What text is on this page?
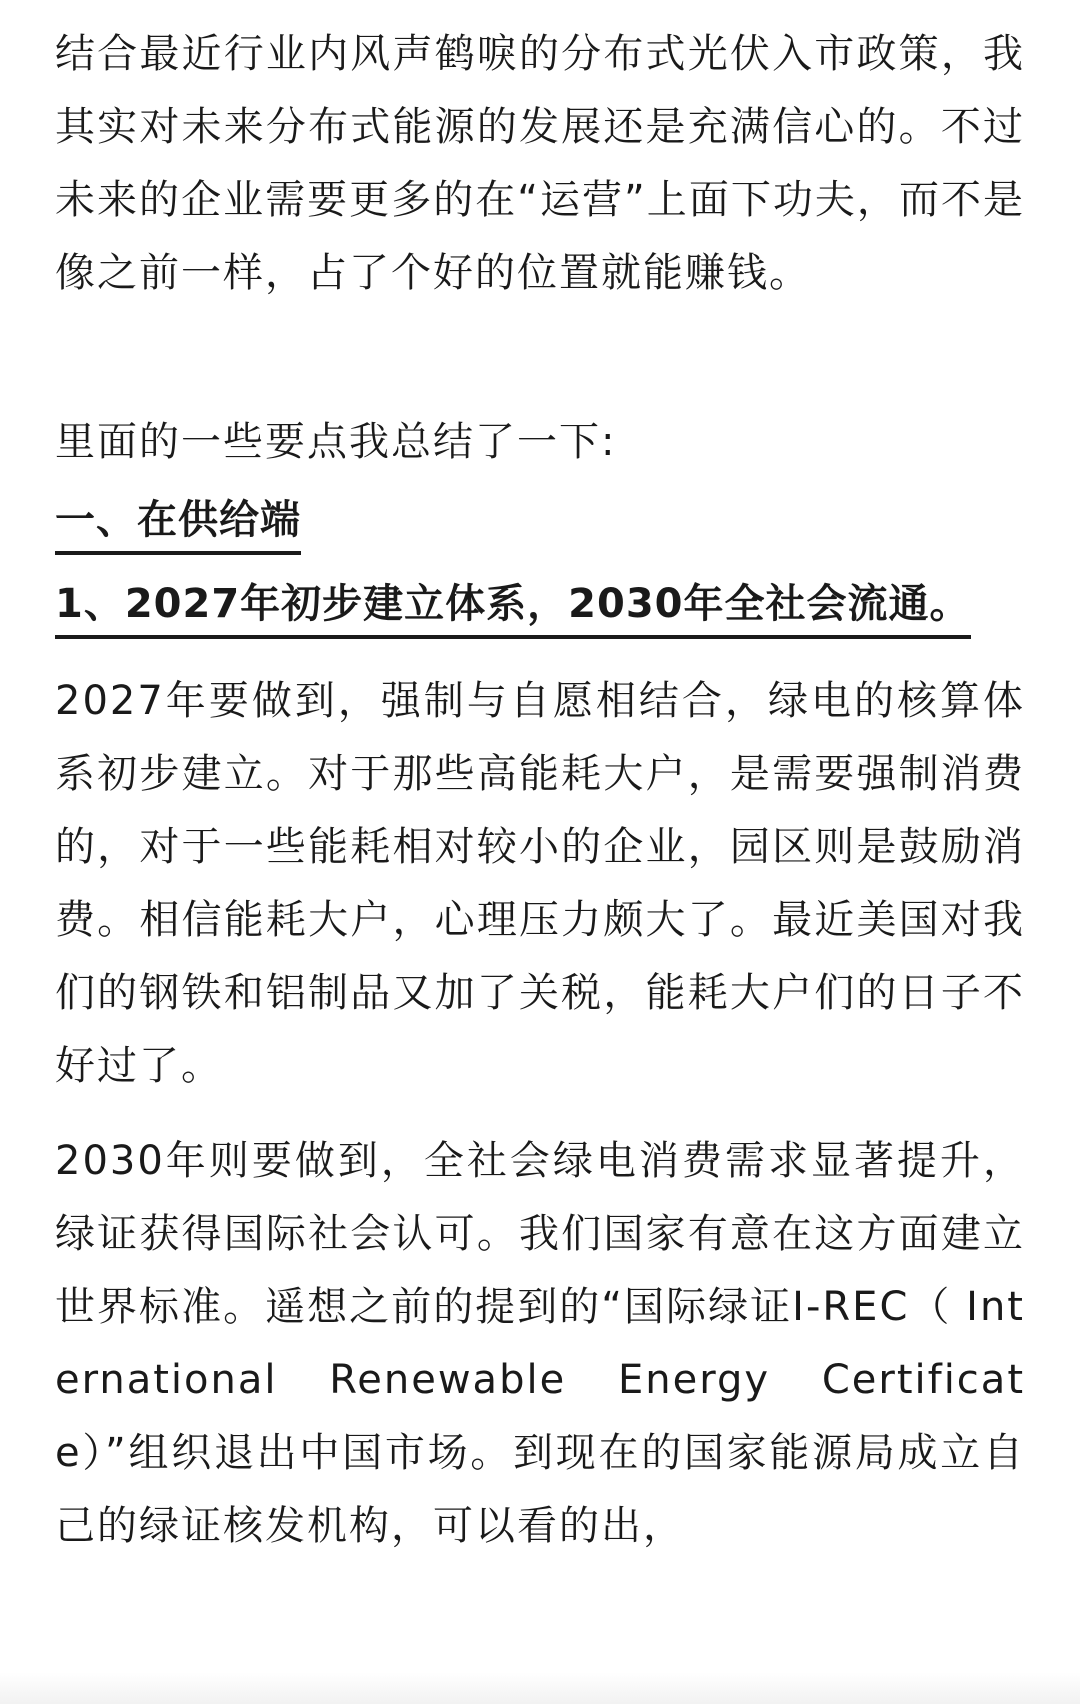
结合最近行业内风声鹤唳的分布式光伏入市政策，我其实对未来分布式能源的发展还是充满信心的。不过未来的企业需要更多的在“运营”上面下功夫，而不是像之前一样，占了个好的位置就能赚钱。

里面的一些要点我总结了一下:

一、在供给端
1、2027年初步建立体系，2030年全社会流通。

2027年要做到，强制与自愿相结合，绿电的核算体系初步建立。对于那些高能耗大户，是需要强制消费的，对于一些能耗相对较小的企业，园区则是鼓励消费。相信能耗大户，心理压力颇大了。最近美国对我们的钢铁和铝制品又加了关税，能耗大户们的日子不好过了。

2030年则要做到，全社会绿电消费需求显著提升，绿证获得国际社会认可。我们国家有意在这方面建立世界标准。遥想之前的提到的“国际绿证I-REC（ International Renewable Energy Certificate）”组织退出中国市场。到现在的国家能源局成立自己的绿证核发机构，可以看的出，
